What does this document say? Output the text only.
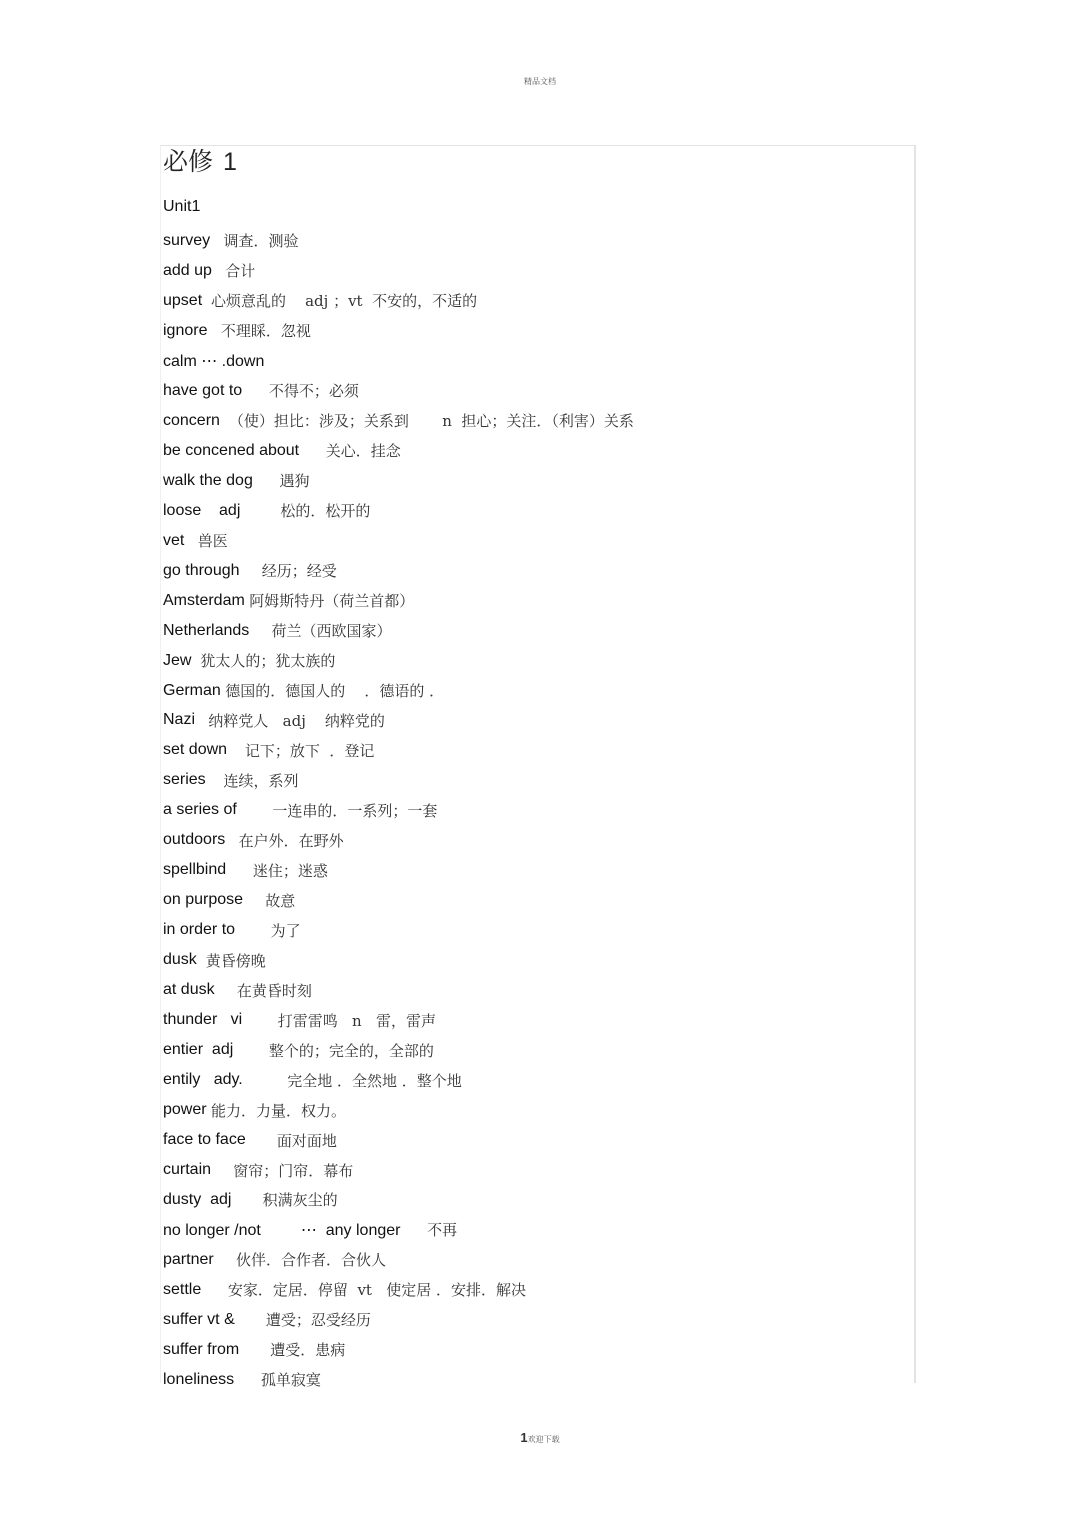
精品文档
必修 1
Unit1
survey
调查．测验
add up
合计
upset
心烦意乱的    adj ；vt  不安的，不适的
ignore
不理睬．忽视
calm ⋯ .down
have got to
不得不；必须
concern
（使）担比：涉及；关系到       n  担心；关注．（利害）关系
be concened about
关心．挂念
walk the dog
遇狗
loose    adj
	松的．松开的
vet
兽医
go through
经历；经受
Amsterdam
阿姆斯特丹（荷兰首都）
Netherlands
荷兰（西欧国家）
Jew
犹太人的；犹太族的
German
德国的．德国人的    ．德语的 ．
Nazi
纳粹党人   adj    纳粹党的
set down
记下；放下  ．登记
series
连续，系列
a series of
一连串的．一系列；一套
outdoors
在户外．在野外
spellbind
迷住；迷惑
on purpose
故意
in order to
为了
dusk
黄昏傍晚
at dusk
在黄昏时刻
thunder   vi
打雷雷鸣   n   雷，雷声
entier  adj
整个的；完全的，全部的
entily   ady.
	完全地 ．全然地 ．整个地
power
能力．力量．权力。
face to face
面对面地
curtain
窗帘；门帘．幕布
dusty  adj
积满灰尘的
no longer /not         ⋯  any longer
不再
partner
伙伴．合作者．合伙人
settle
安家．定居．停留  vt   使定居 ．安排．解决
suffer vt &
遭受；忍受经历
suffer from
遭受．患病
loneliness
孤单寂寞
1欢迎下载
